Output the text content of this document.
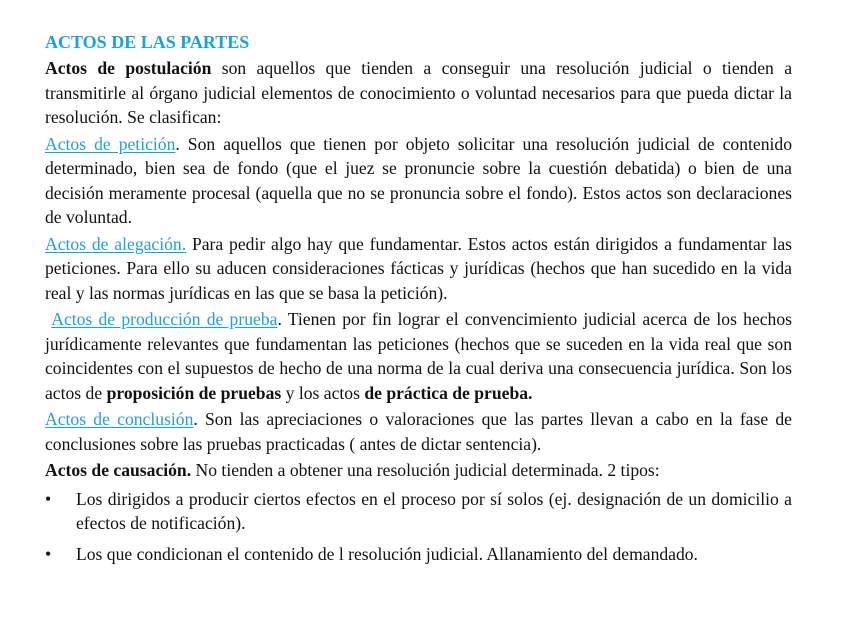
ACTOS DE LAS PARTES

Actos de postulación son aquellos que tienden a conseguir una resolución judicial o tienden a transmitirle al órgano judicial elementos de conocimiento o voluntad necesarios para que pueda dictar la resolución. Se clasifican:

Actos de petición. Son aquellos que tienen por objeto solicitar una resolución judicial de contenido determinado, bien sea de fondo (que el juez se pronuncie sobre la cuestión debatida) o bien de una decisión meramente procesal (aquella que no se pronuncia sobre el fondo). Estos actos son declaraciones de voluntad.

Actos de alegación. Para pedir algo hay que fundamentar. Estos actos están dirigidos a fundamentar las peticiones. Para ello su aducen consideraciones fácticas y jurídicas (hechos que han sucedido en la vida real y las normas jurídicas en las que se basa la petición).

Actos de producción de prueba. Tienen por fin lograr el convencimiento judicial acerca de los hechos jurídicamente relevantes que fundamentan las peticiones (hechos que se suceden en la vida real que son coincidentes con el supuestos de hecho de una norma de la cual deriva una consecuencia jurídica. Son los actos de proposición de pruebas y los actos de práctica de prueba.

Actos de conclusión. Son las apreciaciones o valoraciones que las partes llevan a cabo en la fase de conclusiones sobre las pruebas practicadas ( antes de dictar sentencia).

Actos de causación. No tienden a obtener una resolución judicial determinada. 2 tipos:

• Los dirigidos a producir ciertos efectos en el proceso por sí solos (ej. designación de un domicilio a efectos de notificación).
• Los que condicionan el contenido de l resolución judicial. Allanamiento del demandado.
